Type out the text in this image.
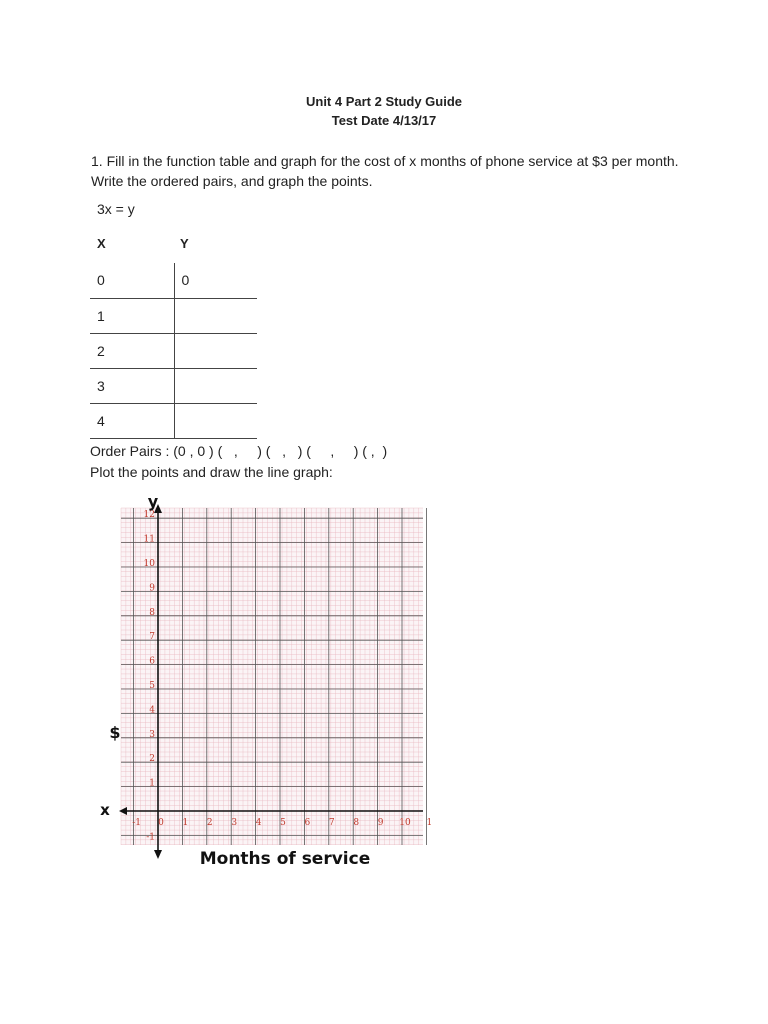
Unit 4 Part 2 Study Guide
Test Date 4/13/17
1. Fill in the function table and graph for the cost of x months of phone service at $3 per month. Write the ordered pairs, and graph the points.
3x = y
X	Y
0	0
1	
2	
3	
4	
Order Pairs : (0 , 0 ) (   ,     ) (   ,   ) (     ,     ) ( ,  )
Plot the points and draw the line graph:
-1 0 1 2 3 4 5 6 7 8 9 10 1
-1
1
2
3
4
5
6
7
8
9
10
11
12
y
x
$
Months of service
